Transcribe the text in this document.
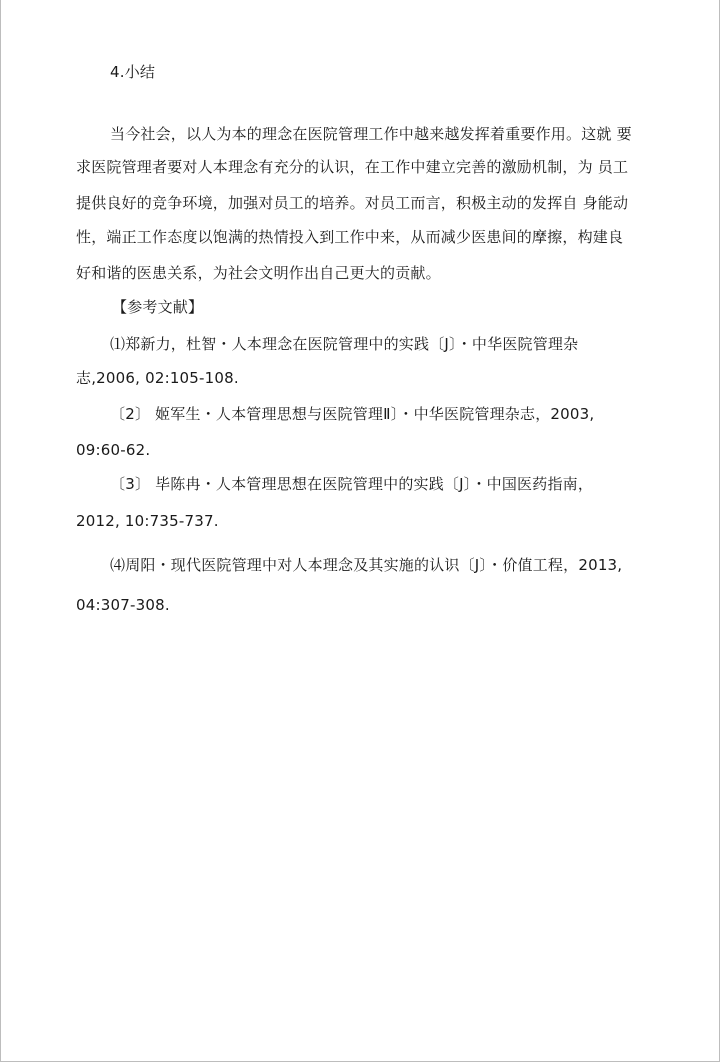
4.小结
当今社会，以人为本的理念在医院管理工作中越来越发挥着重要作用。这就 要
求医院管理者要对人本理念有充分的认识，在工作中建立完善的激励机制，为 员工
提供良好的竞争环境，加强对员工的培养。对员工而言，积极主动的发挥自 身能动
性，端正工作态度以饱满的热情投入到工作中来，从而减少医患间的摩擦，构建良
好和谐的医患关系，为社会文明作出自己更大的贡献。
【参考文献】
⑴郑新力，杜智・人本理念在医院管理中的实践〔J〕・中华医院管理杂
志,2006, 02:105-108.
〔2〕 姬军生・人本管理思想与医院管理Ⅱ〕・中华医院管理杂志，2003,
09:60-62.
〔3〕 毕陈冉・人本管理思想在医院管理中的实践〔J〕・中国医药指南，
2012, 10:735-737.
⑷周阳・现代医院管理中对人本理念及其实施的认识〔J〕・价值工程，2013,
04:307-308.
